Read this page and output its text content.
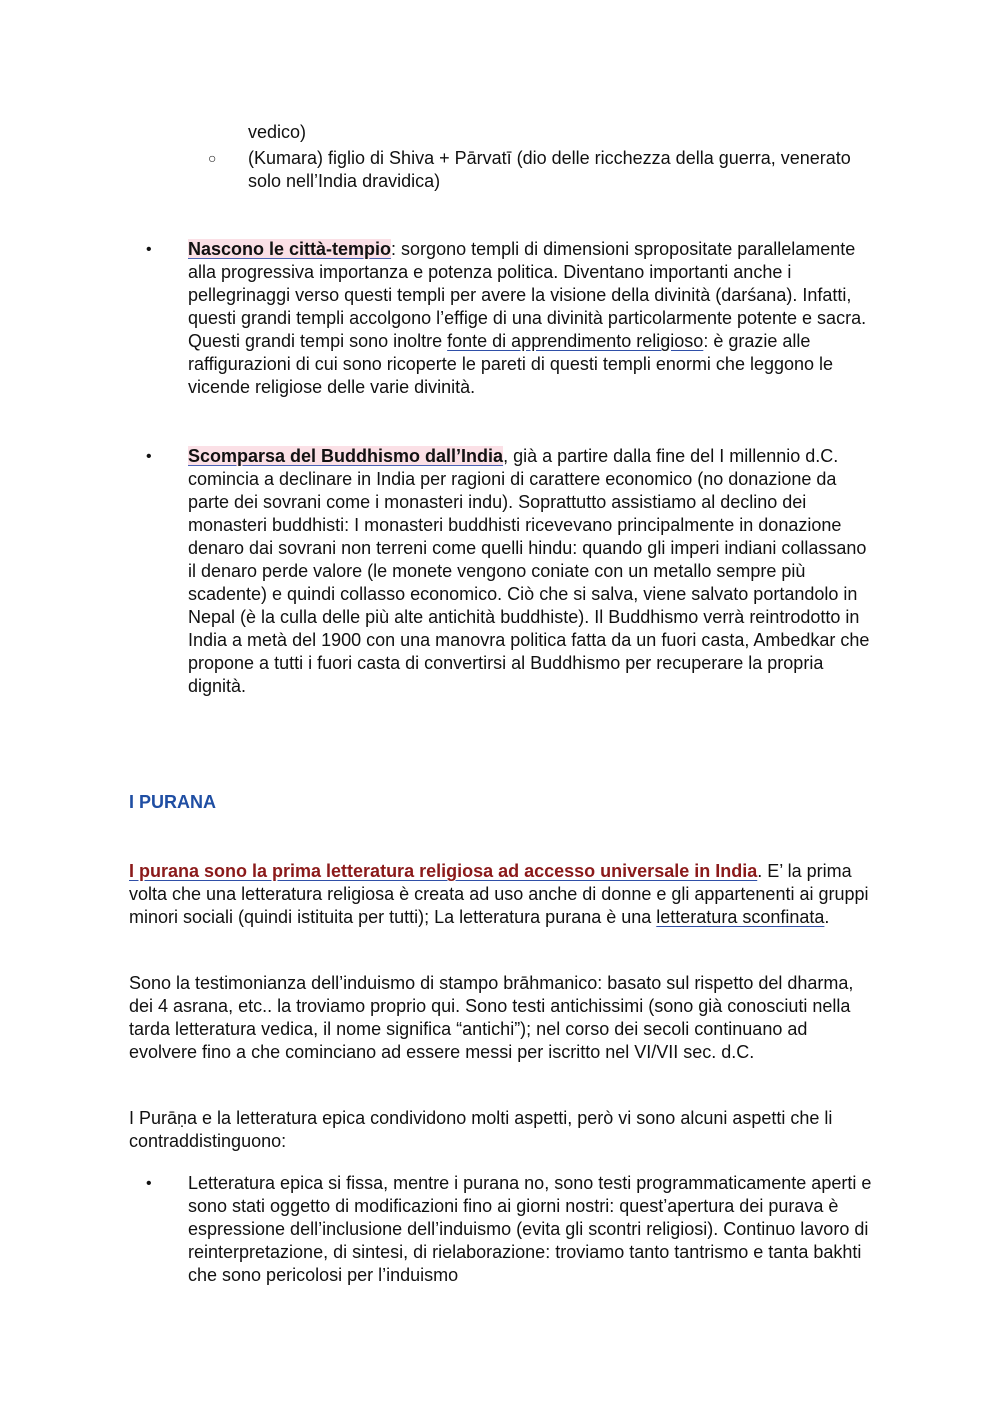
vedico)
○ (Kumara) figlio di Shiva + Pārvatī (dio delle ricchezza della guerra, venerato solo nell’India dravidica)
• Nascono le città-tempio: sorgono templi di dimensioni spropositate parallelamente alla progressiva importanza e potenza politica. Diventano importanti anche i pellegrinaggi verso questi templi per avere la visione della divinità (darśana). Infatti, questi grandi templi accolgono l’effige di una divinità particolarmente potente e sacra. Questi grandi tempi sono inoltre fonte di apprendimento religioso: è grazie alle raffigurazioni di cui sono ricoperte le pareti di questi templi enormi che leggono le vicende religiose delle varie divinità.
• Scomparsa del Buddhismo dall’India, già a partire dalla fine del I millennio d.C. comincia a declinare in India per ragioni di carattere economico (no donazione da parte dei sovrani come i monasteri indu). Soprattutto assistiamo al declino dei monasteri buddhisti: I monasteri buddhisti ricevevano principalmente in donazione denaro dai sovrani non terreni come quelli hindu: quando gli imperi indiani collassano il denaro perde valore (le monete vengono coniate con un metallo sempre più scadente) e quindi collasso economico. Ciò che si salva, viene salvato portandolo in Nepal (è la culla delle più alte antichità buddhiste). Il Buddhismo verrà reintrodotto in India a metà del 1900 con una manovra politica fatta da un fuori casta, Ambedkar che propone a tutti i fuori casta di convertirsi al Buddhismo per recuperare la propria dignità.
I PURANA
I purana sono la prima letteratura religiosa ad accesso universale in India. E’ la prima volta che una letteratura religiosa è creata ad uso anche di donne e gli appartenenti ai gruppi minori sociali (quindi istituita per tutti); La letteratura purana è una letteratura sconfinata.
Sono la testimonianza dell’induismo di stampo brāhmanico: basato sul rispetto del dharma, dei 4 asrana, etc.. la troviamo proprio qui. Sono testi antichissimi (sono già conosciuti nella tarda letteratura vedica, il nome significa “antichi”); nel corso dei secoli continuano ad evolvere fino a che cominciano ad essere messi per iscritto nel VI/VII sec. d.C.
I Purāṇa e la letteratura epica condividono molti aspetti, però vi sono alcuni aspetti che li contraddistinguono:
• Letteratura epica si fissa, mentre i purana no, sono testi programmaticamente aperti e sono stati oggetto di modificazioni fino ai giorni nostri: quest’apertura dei purava è espressione dell’inclusione dell’induismo (evita gli scontri religiosi). Continuo lavoro di reinterpretazione, di sintesi, di rielaborazione: troviamo tanto tantrismo e tanta bakhti che sono pericolosi per l’induismo
